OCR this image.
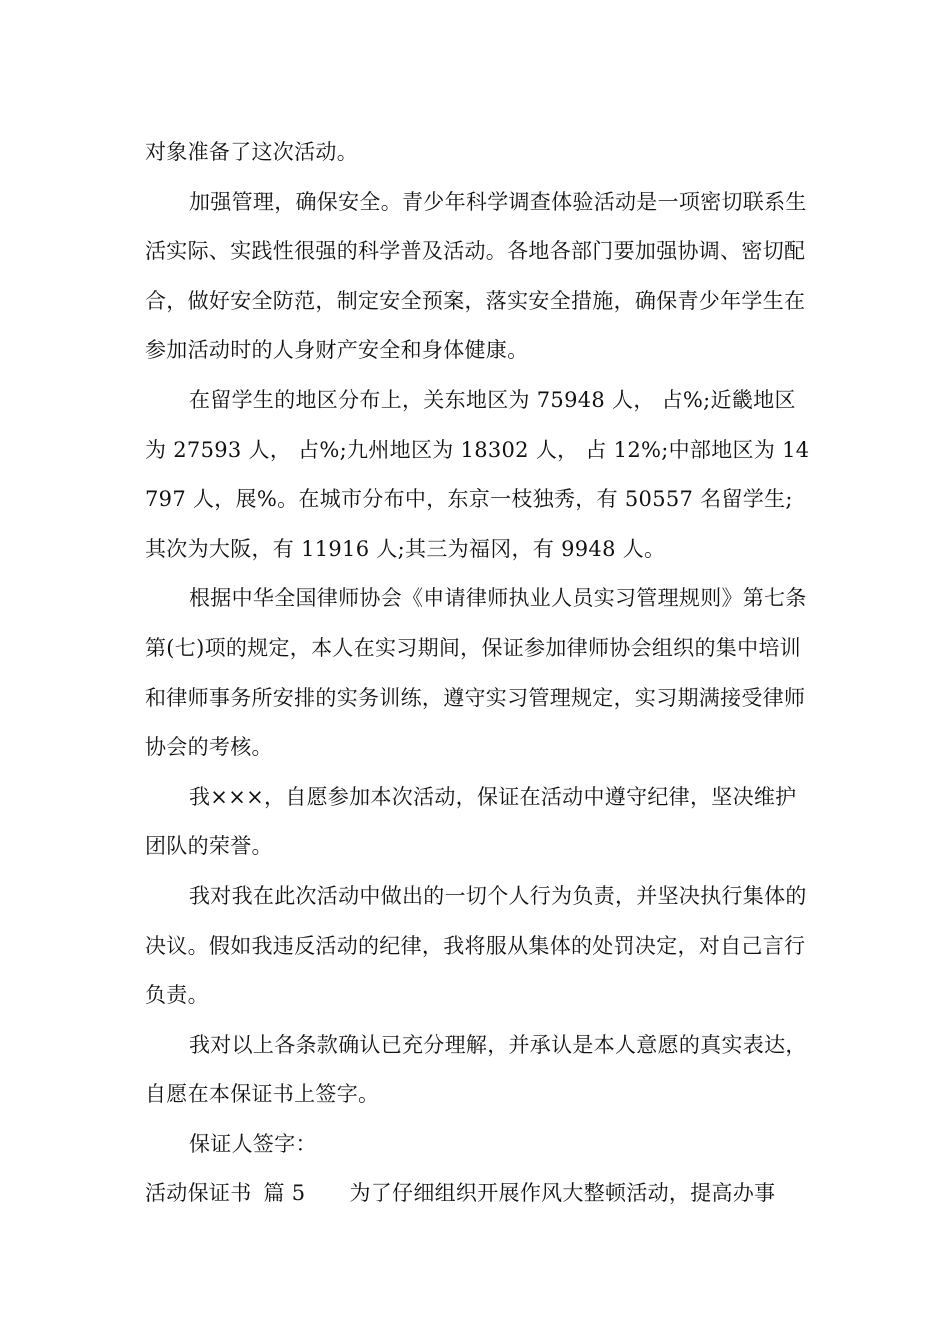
对象准备了这次活动。

加强管理，确保安全。青少年科学调查体验活动是一项密切联系生活实际、实践性很强的科学普及活动。各地各部门要加强协调、密切配合，做好安全防范，制定安全预案，落实安全措施，确保青少年学生在参加活动时的人身财产安全和身体健康。

在留学生的地区分布上，关东地区为 75948 人， 占%;近畿地区为 27593 人， 占%;九州地区为 18302 人， 占 12%;中部地区为 14797 人，展%。在城市分布中，东京一枝独秀，有 50557 名留学生;其次为大阪，有 11916 人;其三为福冈，有 9948 人。

根据中华全国律师协会《申请律师执业人员实习管理规则》第七条第(七)项的规定，本人在实习期间，保证参加律师协会组织的集中培训和律师事务所安排的实务训练，遵守实习管理规定，实习期满接受律师协会的考核。

我×××，自愿参加本次活动，保证在活动中遵守纪律，坚决维护团队的荣誉。

我对我在此次活动中做出的一切个人行为负责，并坚决执行集体的决议。假如我违反活动的纪律，我将服从集体的处罚决定，对自己言行负责。

我对以上各条款确认已充分理解，并承认是本人意愿的真实表达，自愿在本保证书上签字。

保证人签字：

活动保证书 篇 5 为了仔细组织开展作风大整顿活动，提高办事
